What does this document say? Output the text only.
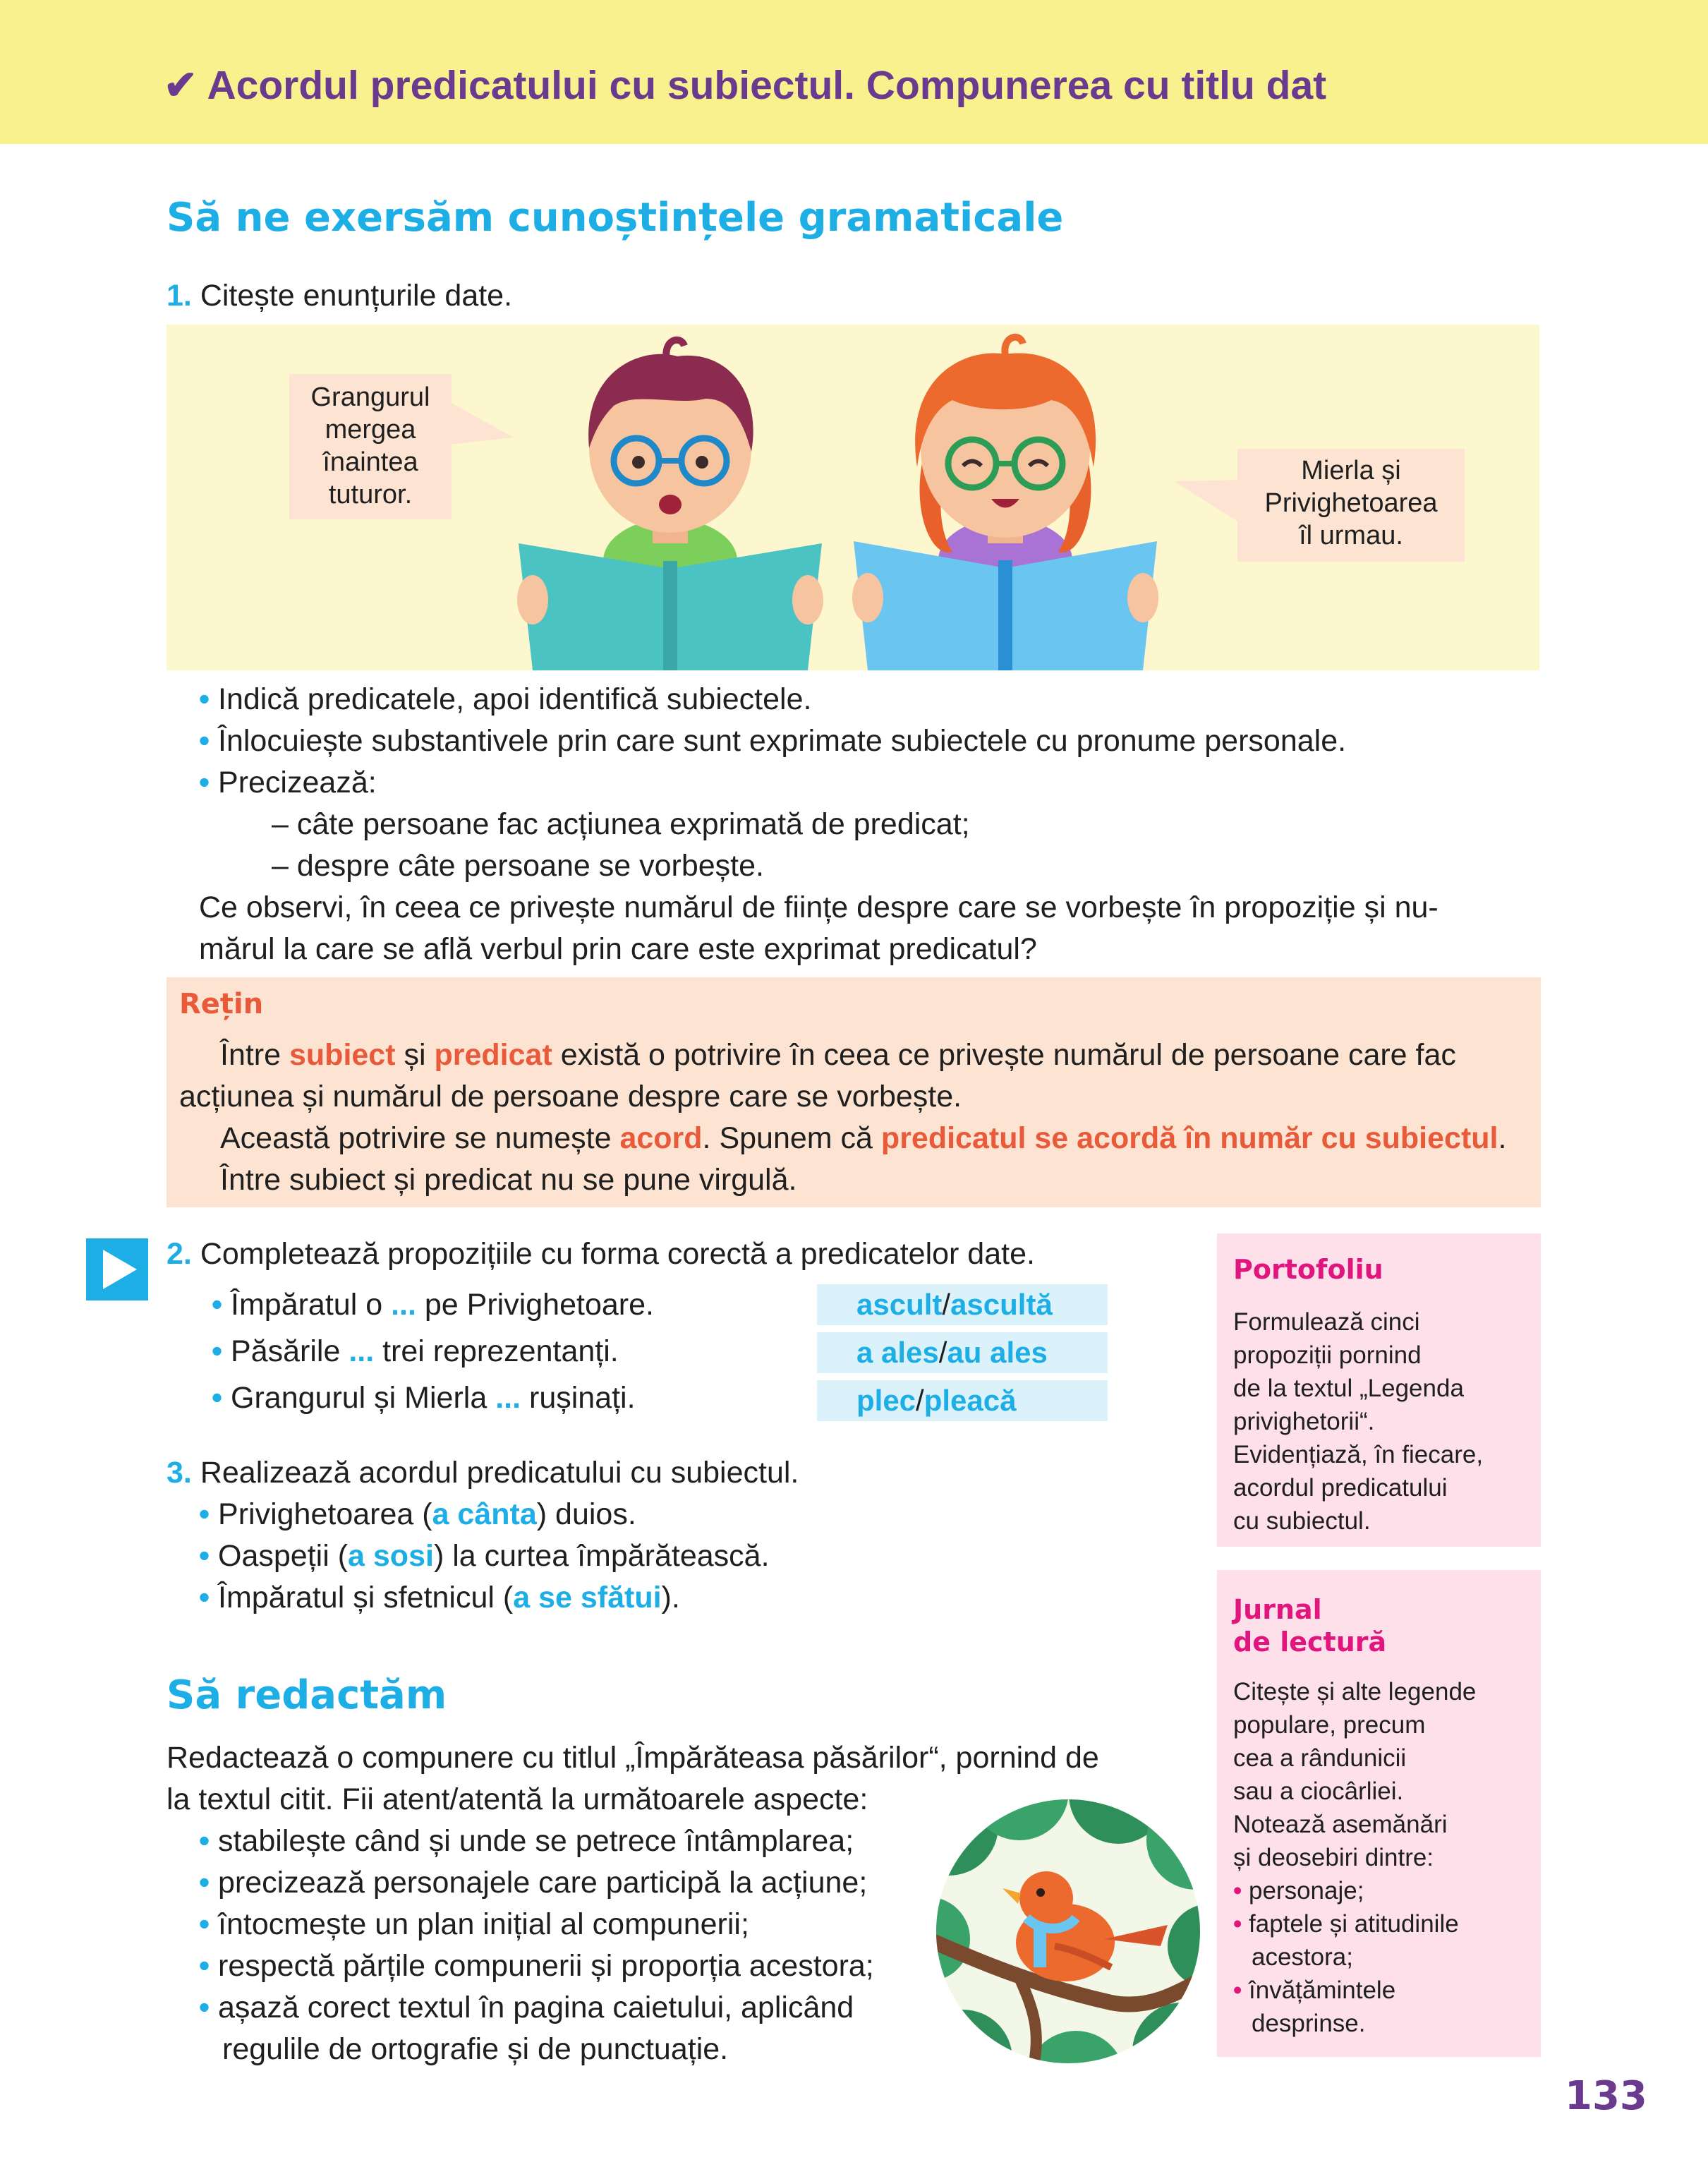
✔ Acordul predicatului cu subiectul. Compunerea cu titlu dat
Să ne exersăm cunoștințele gramaticale
1. Citește enunțurile date.
Grangurul
mergea
înaintea
tuturor.
Mierla și
Privighetoarea
îl urmau.
• Indică predicatele, apoi identifică subiectele.
• Înlocuiește substantivele prin care sunt exprimate subiectele cu pronume personale.
• Precizează:
– câte persoane fac acțiunea exprimată de predicat;
– despre câte persoane se vorbește.
Ce observi, în ceea ce privește numărul de ființe despre care se vorbește în propoziție și nu-
mărul la care se află verbul prin care este exprimat predicatul?
Rețin
Între subiect și predicat există o potrivire în ceea ce privește numărul de persoane care fac
acțiunea și numărul de persoane despre care se vorbește.
Această potrivire se numește acord. Spunem că predicatul se acordă în număr cu subiectul.
Între subiect și predicat nu se pune virgulă.
2. Completează propozițiile cu forma corectă a predicatelor date.
• Împăratul o ... pe Privighetoare.
• Păsările ... trei reprezentanți.
• Grangurul și Mierla ... rușinați.
ascult/ascultă
a ales/au ales
plec/pleacă
3. Realizează acordul predicatului cu subiectul.
• Privighetoarea (a cânta) duios.
• Oaspeții (a sosi) la curtea împărătească.
• Împăratul și sfetnicul (a se sfătui).
Să redactăm
Redactează o compunere cu titlul „Împărăteasa păsărilor“, pornind de
la textul citit. Fii atent/atentă la următoarele aspecte:
• stabilește când și unde se petrece întâmplarea;
• precizează personajele care participă la acțiune;
• întocmește un plan inițial al compunerii;
• respectă părțile compunerii și proporția acestora;
• așază corect textul în pagina caietului, aplicând
regulile de ortografie și de punctuație.
Portofoliu
Formulează cinci
propoziții pornind
de la textul „Legenda
privighetorii“.
Evidențiază, în fiecare,
acordul predicatului
cu subiectul.
Jurnal
de lectură
Citește și alte legende
populare, precum
cea a rândunicii
sau a ciocârliei.
Notează asemănări
și deosebiri dintre:
• personaje;
• faptele și atitudinile
acestora;
• învățămintele
desprinse.
133
